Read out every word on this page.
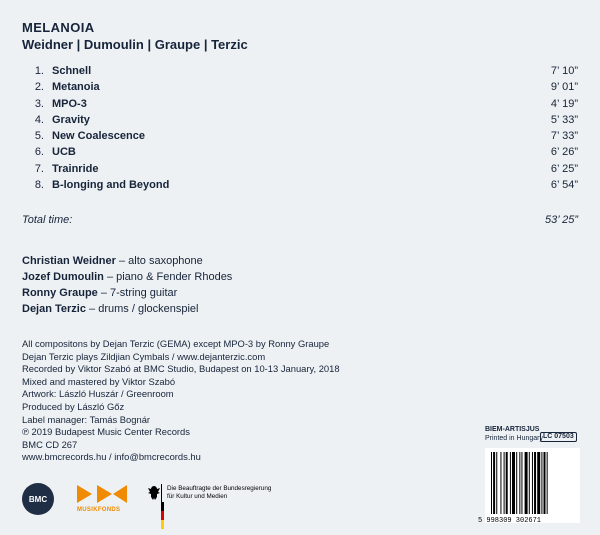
MELANOIA
Weidner | Dumoulin | Graupe | Terzic
1. Schnell	7’ 10”
2. Metanoia	9’ 01”
3. MPO-3	4’ 19”
4. Gravity	5’ 33”
5. New Coalescence	7’ 33”
6. UCB	6’ 26”
7. Trainride	6’ 25”
8. B-longing and Beyond	6’ 54”
Total time:	53’ 25”
Christian Weidner – alto saxophone
Jozef Dumoulin – piano & Fender Rhodes
Ronny Graupe – 7-string guitar
Dejan Terzic – drums / glockenspiel
All compositons by Dejan Terzic (GEMA) except MPO-3 by Ronny Graupe
Dejan Terzic plays Zildjian Cymbals / www.dejanterzic.com
Recorded by Viktor Szabó at BMC Studio, Budapest on 10-13 January, 2018
Mixed and mastered by Viktor Szabó
Artwork: László Huszár / Greenroom
Produced by László Gőz
Label manager: Tamás Bognár
℗ 2019 Budapest Music Center Records
BMC CD 267
www.bmcrecords.hu / info@bmcrecords.hu
BIEM-ARTISJUS
Printed in Hungary LC 07503
BMC
MUSIKFONDS
Die Beauftragte der Bundesregierung
für Kultur und Medien
5 998309 302671
